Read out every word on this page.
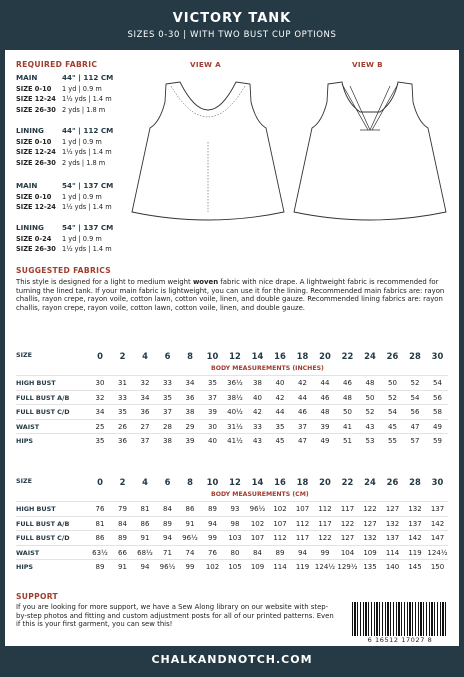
VICTORY TANK
SIZES 0-30 | WITH TWO BUST CUP OPTIONS
REQUIRED FABRIC
MAIN	44" | 112 CM
SIZE 0-10	1 yd | 0.9 m
SIZE 12-24 1½ yds | 1.4 m
SIZE 26-30 2 yds | 1.8 m
LINING	44" | 112 CM
SIZE 0-10	1 yd | 0.9 m
SIZE 12-24 1½ yds | 1.4 m
SIZE 26-30 2 yds | 1.8 m
MAIN	54" | 137 CM
SIZE 0-10	1 yd | 0.9 m
SIZE 12-24 1½ yds | 1.4 m
LINING	54" | 137 CM
SIZE 0-24	1 yd | 0.9 m
SIZE 26-30 1½ yds | 1.4 m
VIEW A	VIEW B
SUGGESTED FABRICS
This style is designed for a light to medium weight woven fabric with nice drape. A lightweight fabric is recommended for turning the lined tank. If your main fabric is lightweight, you can use it for the lining. Recommended main fabrics are: rayon challis, rayon crepe, rayon voile, cotton lawn, cotton voile, linen, and double gauze. Recommended lining fabrics are: rayon challis, rayon crepe, rayon voile, cotton lawn, cotton voile, linen, and double gauze.
SIZE	0	2	4	6	8	10	12	14	16	18	20	22	24	26	28	30
BODY MEASUREMENTS (INCHES)
HIGH BUST	30	31	32	33	34	35	36½	38	40	42	44	46	48	50	52	54
FULL BUST A/B	32	33	34	35	36	37	38½	40	42	44	46	48	50	52	54	56
FULL BUST C/D	34	35	36	37	38	39	40½	42	44	46	48	50	52	54	56	58
WAIST	25	26	27	28	29	30	31½	33	35	37	39	41	43	45	47	49
HIPS	35	36	37	38	39	40	41½	43	45	47	49	51	53	55	57	59
SIZE	0	2	4	6	8	10	12	14	16	18	20	22	24	26	28	30
BODY MEASUREMENTS (CM)
HIGH BUST	76	79	81	84	86	89	93	96½	102	107	112	117	122	127	132	137
FULL BUST A/B	81	84	86	89	91	94	98	102	107	112	117	122	127	132	137	142
FULL BUST C/D	86	89	91	94	96½	99	103	107	112	117	122	127	132	137	142	147
WAIST	63½	66	68½	71	74	76	80	84	89	94	99	104	109	114	119 124½
HIPS	89	91	94	96½	99	102	105	109	114	119 124½ 129½ 135	140	145	150
SUPPORT
If you are looking for more support, we have a Sew Along library on our website with step-by-step photos and fitting and custom adjustment posts for all of our printed patterns. Even if this is your first garment, you can sew this!
6 16512 17027 8
CHALKANDNOTCH.COM
